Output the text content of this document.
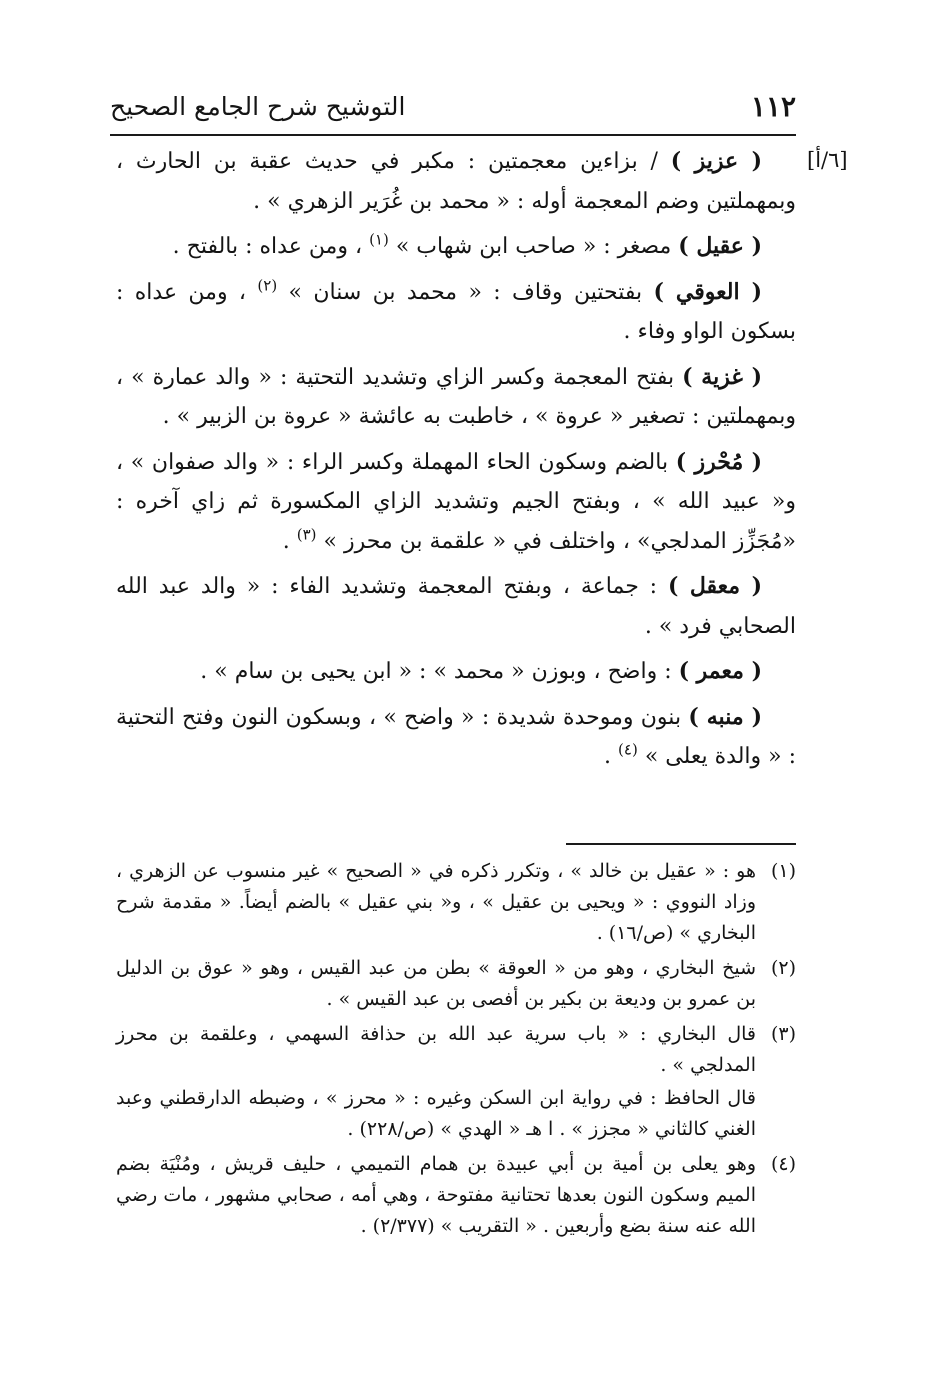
١١٢
التوشيح شرح الجامع الصحيح
[٦/أ]

( عزيز ) / بزاءين معجمتين : مكبر في حديث عقبة بن الحارث ، وبمهملتين وضم المعجمة أوله : « محمد بن غُرَير الزهري » .

( عقيل ) مصغر : « صاحب ابن شهاب » $^{(١)}$ ، ومن عداه : بالفتح .

( العوقي ) بفتحتين وقاف : « محمد بن سنان » $^{(٢)}$ ، ومن عداه : بسكون الواو وفاء .

( غزية ) بفتح المعجمة وكسر الزاي وتشديد التحتية : « والد عمارة » ، وبمهملتين : تصغير « عروة » ، خاطبت به عائشة « عروة بن الزبير » .

( مُحْرز ) بالضم وسكون الحاء المهملة وكسر الراء : « والد صفوان » ، و« عبيد الله » ، وبفتح الجيم وتشديد الزاي المكسورة ثم زاي آخره : «مُجَزِّز المدلجي» ، واختلف في « علقمة بن محرز » $^{(٣)}$ .

( معقل ) : جماعة ، وبفتح المعجمة وتشديد الفاء : « والد عبد الله الصحابي فرد » .

( معمر ) : واضح ، وبوزن « محمد » : « ابن يحيى بن سام » .

( منبه ) بنون وموحدة شديدة : « واضح » ، وبسكون النون وفتح التحتية : « والدة يعلى » $^{(٤)}$ .

(١)

هو : « عقيل بن خالد » ، وتكرر ذكره في « الصحيح » غير منسوب عن الزهري ، وزاد النووي : « ويحيى بن عقيل » ، و« بني عقيل » بالضم أيضاً. « مقدمة شرح البخاري » (ص/١٦) .

(٢)

شيخ البخاري ، وهو من « العوقة » بطن من عبد القيس ، وهو « عوق بن الدليل بن عمرو بن وديعة بن بكير بن أفصى بن عبد القيس » .

(٣)

قال البخاري : « باب سرية عبد الله بن حذافة السهمي ، وعلقمة بن محرز المدلجي » .

قال الحافظ : في رواية ابن السكن وغيره : « محرز » ، وضبطه الدارقطني وعبد الغني كالثاني « مجزز » . ا هـ « الهدي » (ص/٢٢٨) .

(٤)

وهو يعلى بن أمية بن أبي عبيدة بن همام التميمي ، حليف قريش ، ومُنْيَة بضم الميم وسكون النون بعدها تحتانية مفتوحة ، وهي أمه ، صحابي مشهور ، مات رضي الله عنه سنة بضع وأربعين . « التقريب » (٢/٣٧٧) .
